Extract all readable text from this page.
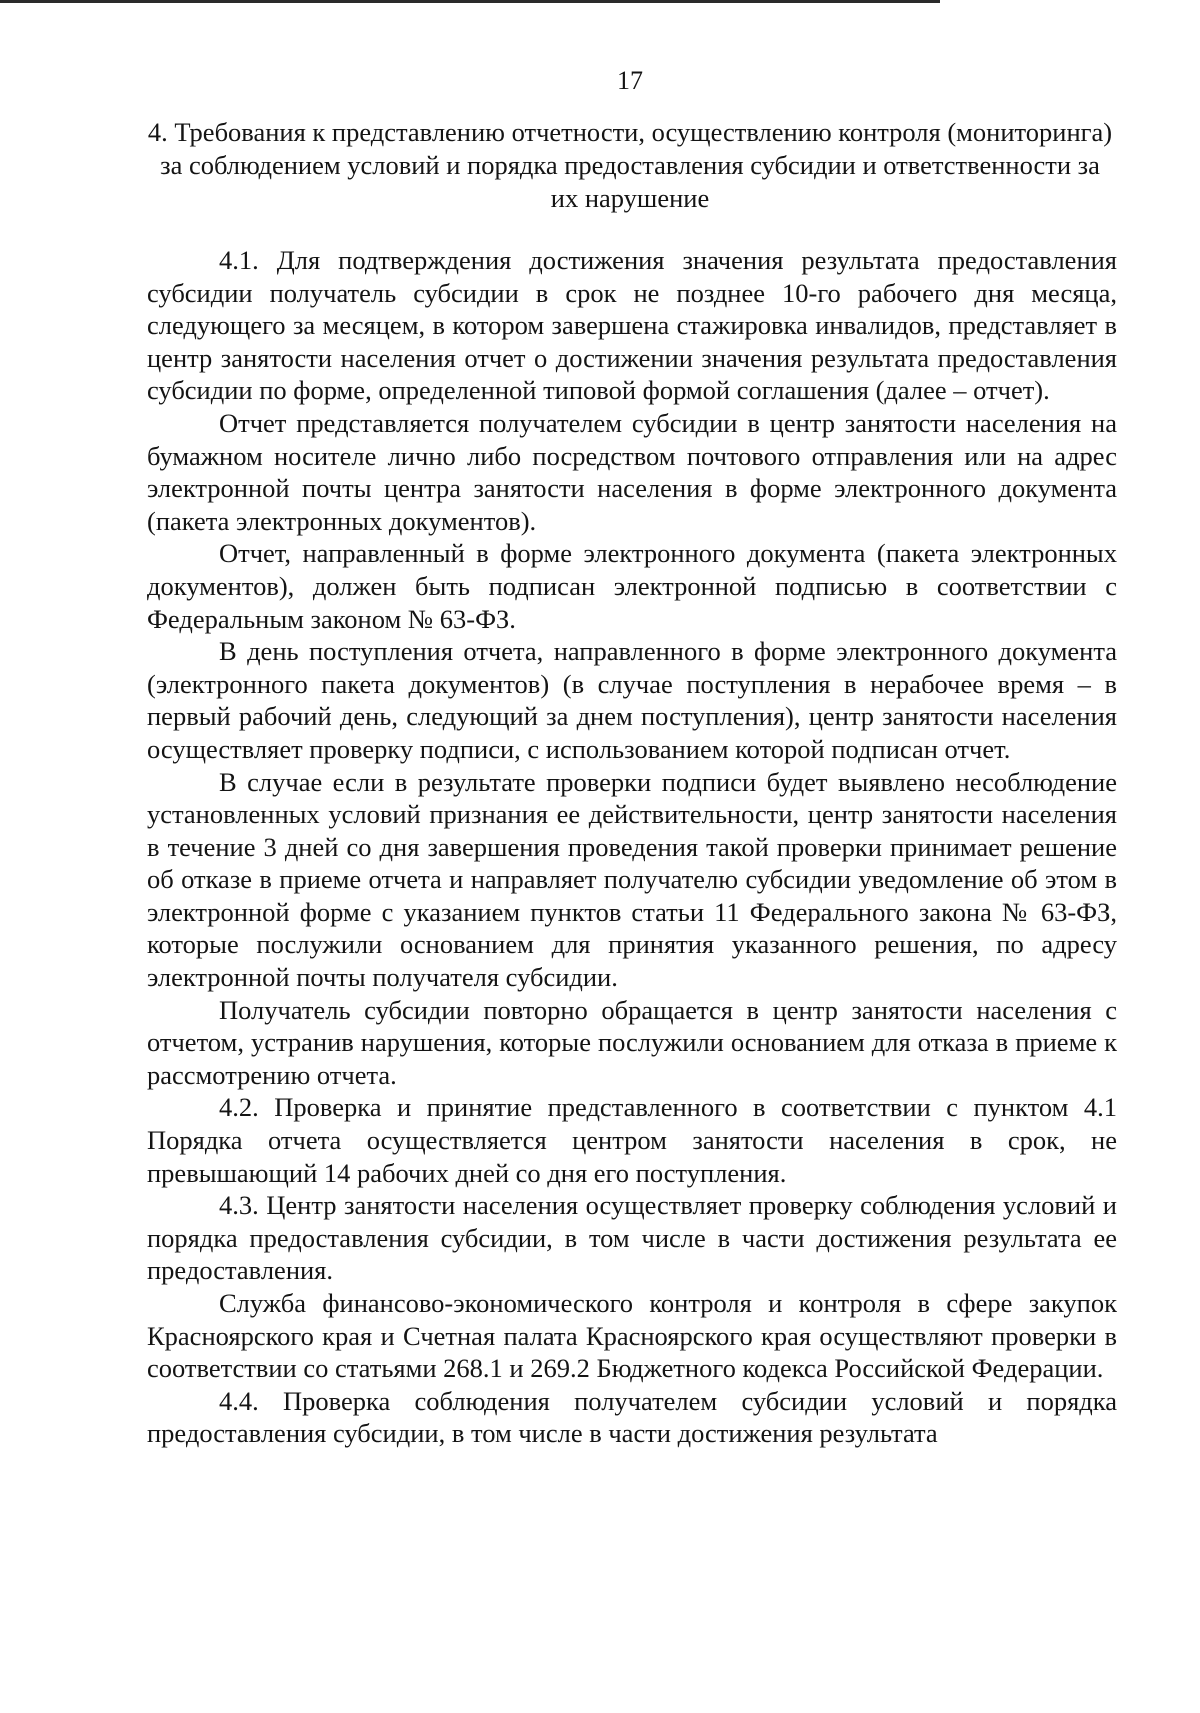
17
4. Требования к представлению отчетности, осуществлению контроля (мониторинга) за соблюдением условий и порядка предоставления субсидии и ответственности за их нарушение

4.1. Для подтверждения достижения значения результата предоставления субсидии получатель субсидии в срок не позднее 10-го рабочего дня месяца, следующего за месяцем, в котором завершена стажировка инвалидов, представляет в центр занятости населения отчет о достижении значения результата предоставления субсидии по форме, определенной типовой формой соглашения (далее – отчет).

Отчет представляется получателем субсидии в центр занятости населения на бумажном носителе лично либо посредством почтового отправления или на адрес электронной почты центра занятости населения в форме электронного документа (пакета электронных документов).

Отчет, направленный в форме электронного документа (пакета электронных документов), должен быть подписан электронной подписью в соответствии с Федеральным законом № 63-ФЗ.

В день поступления отчета, направленного в форме электронного документа (электронного пакета документов) (в случае поступления в нерабочее время – в первый рабочий день, следующий за днем поступления), центр занятости населения осуществляет проверку подписи, с использованием которой подписан отчет.

В случае если в результате проверки подписи будет выявлено несоблюдение установленных условий признания ее действительности, центр занятости населения в течение 3 дней со дня завершения проведения такой проверки принимает решение об отказе в приеме отчета и направляет получателю субсидии уведомление об этом в электронной форме с указанием пунктов статьи 11 Федерального закона № 63-ФЗ, которые послужили основанием для принятия указанного решения, по адресу электронной почты получателя субсидии.

Получатель субсидии повторно обращается в центр занятости населения с отчетом, устранив нарушения, которые послужили основанием для отказа в приеме к рассмотрению отчета.

4.2. Проверка и принятие представленного в соответствии с пунктом 4.1 Порядка отчета осуществляется центром занятости населения в срок, не превышающий 14 рабочих дней со дня его поступления.

4.3. Центр занятости населения осуществляет проверку соблюдения условий и порядка предоставления субсидии, в том числе в части достижения результата ее предоставления.

Служба финансово-экономического контроля и контроля в сфере закупок Красноярского края и Счетная палата Красноярского края осуществляют проверки в соответствии со статьями 268.1 и 269.2 Бюджетного кодекса Российской Федерации.

4.4. Проверка соблюдения получателем субсидии условий и порядка предоставления субсидии, в том числе в части достижения результата
